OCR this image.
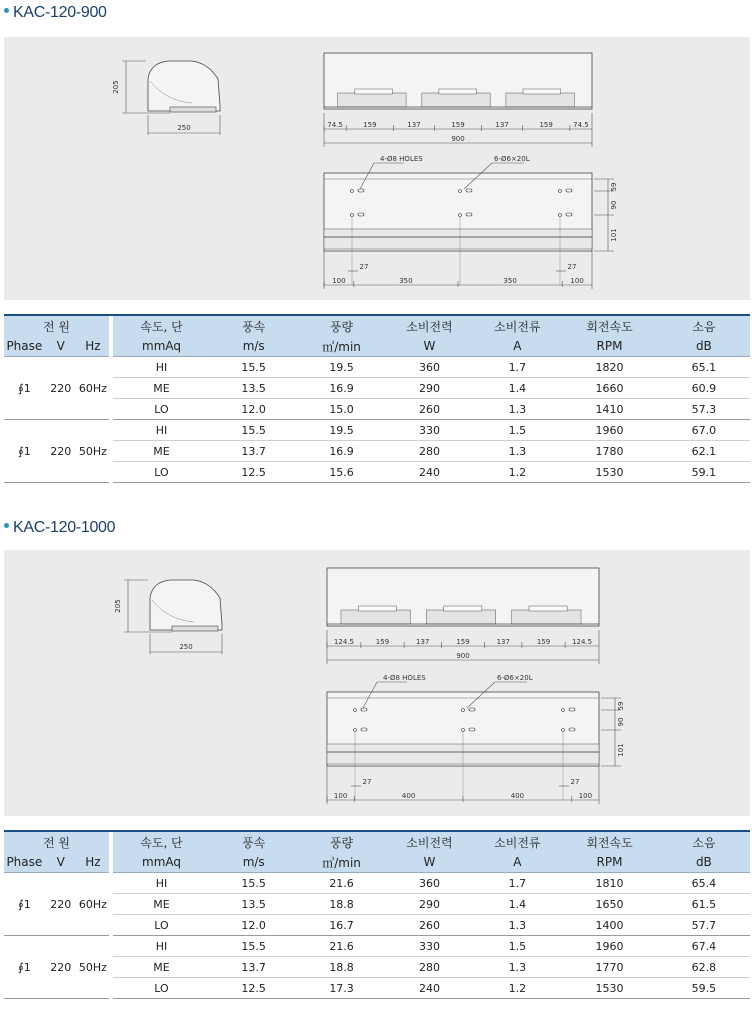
KAC-120-900
205
250	74.5	159	137	159	137	159	74.5
900
4-Ø8 HOLES	6-Ø6×20L
59
90
101
100	350	350	100
27	27
전 원				속도, 단	풍속	풍량	소비전력	소비전류	회전속도	소음
Phase	V	Hz		mmAq	m/s	㎥/min	W	A	RPM	dB
∮1	220	60Hz		HI	15.5	19.5	360	1.7	1820	65.1
				ME	13.5	16.9	290	1.4	1660	60.9
				LO	12.0	15.0	260	1.3	1410	57.3
∮1	220	50Hz		HI	15.5	19.5	330	1.5	1960	67.0
				ME	13.7	16.9	280	1.3	1780	62.1
				LO	12.5	15.6	240	1.2	1530	59.1
KAC-120-1000
205
250
124.5	159	137	159	137	159	124.5
900
4-Ø8 HOLES	6-Ø6×20L
59
90
101
100	400	400	100
27	27
전 원				속도, 단	풍속	풍량	소비전력	소비전류	회전속도	소음
Phase	V	Hz		mmAq	m/s	㎥/min	W	A	RPM	dB
∮1	220	60Hz		HI	15.5	21.6	360	1.7	1810	65.4
				ME	13.5	18.8	290	1.4	1650	61.5
				LO	12.0	16.7	260	1.3	1400	57.7
∮1	220	50Hz		HI	15.5	21.6	330	1.5	1960	67.4
				ME	13.7	18.8	280	1.3	1770	62.8
				LO	12.5	17.3	240	1.2	1530	59.5
